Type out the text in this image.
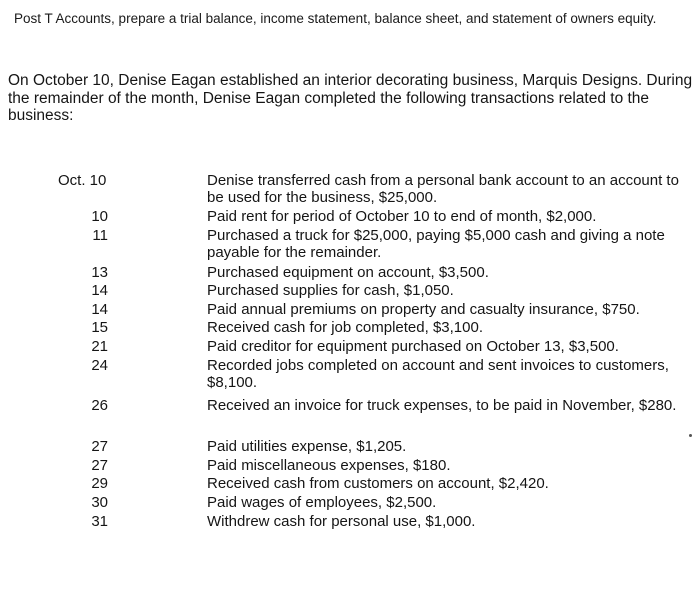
Post T Accounts, prepare a trial balance, income statement, balance sheet, and statement of owners equity.
On October 10, Denise Eagan established an interior decorating business, Marquis Designs. During the remainder of the month, Denise Eagan completed the following transactions related to the business:
Oct. 10	Denise transferred cash from a personal bank account to an account to be used for the business, $25,000.
10	Paid rent for period of October 10 to end of month, $2,000.
11	Purchased a truck for $25,000, paying $5,000 cash and giving a note payable for the remainder.
13	Purchased equipment on account, $3,500.
14	Purchased supplies for cash, $1,050.
14	Paid annual premiums on property and casualty insurance, $750.
15	Received cash for job completed, $3,100.
21	Paid creditor for equipment purchased on October 13, $3,500.
24	Recorded jobs completed on account and sent invoices to customers, $8,100.
26	Received an invoice for truck expenses, to be paid in November, $280.
27	Paid utilities expense, $1,205.
27	Paid miscellaneous expenses, $180.
29	Received cash from customers on account, $2,420.
30	Paid wages of employees, $2,500.
31	Withdrew cash for personal use, $1,000.
